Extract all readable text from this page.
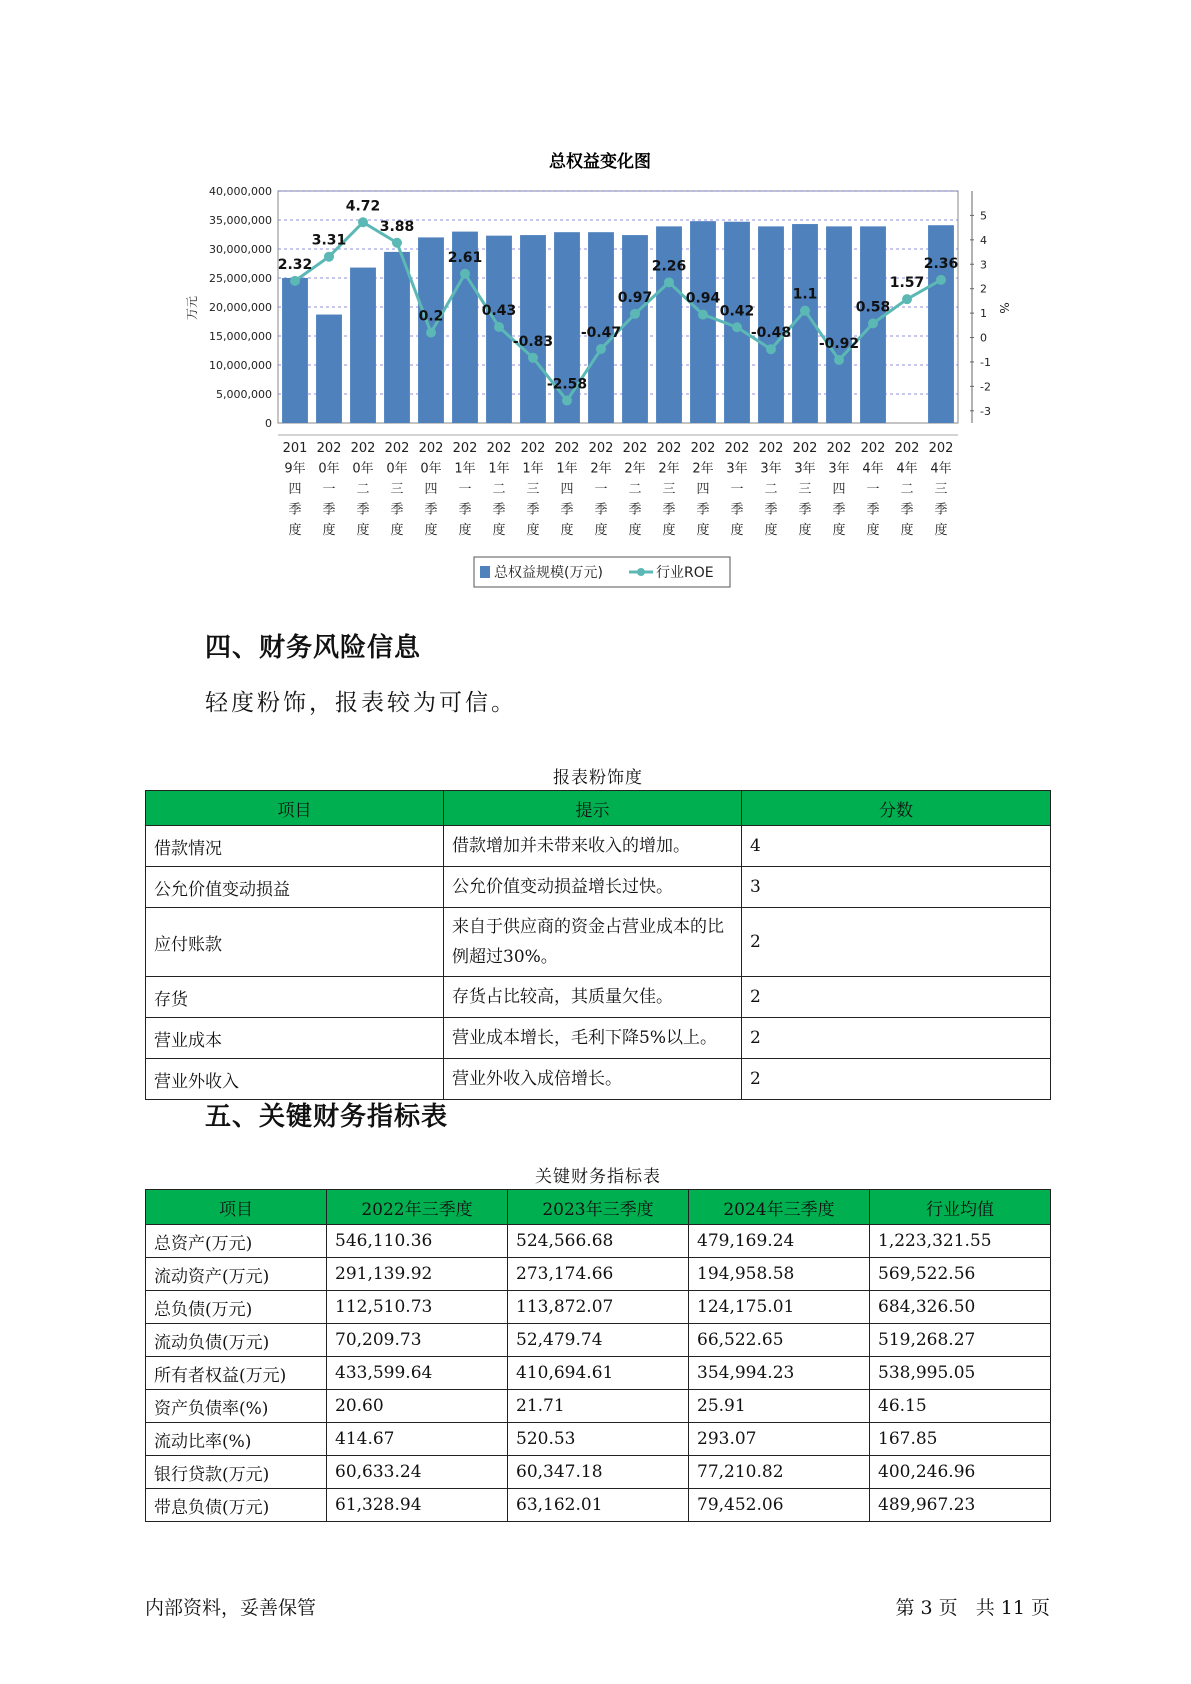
总权益变化图
2.32
3.31
4.72
3.88
0.2
2.61
0.43
-0.83
-2.58
-0.47
0.97
2.26
0.94
0.42
-0.48
1.1
-0.92
0.58
1.57
2.36
0
5,000,000
10,000,000
15,000,000
20,000,000
25,000,000
30,000,000
35,000,000
40,000,000
-3
-2
-1
0
1
2
3
4
5
万元	%
201
9年
四
季
度
202
0年
一
季
度
202
0年
二
季
度
202
0年
三
季
度
202
0年
四
季
度
202
1年
一
季
度
202
1年
二
季
度
202
1年
三
季
度
202
1年
四
季
度
202
2年
一
季
度
202
2年
二
季
度
202
2年
三
季
度
202
2年
四
季
度
202
3年
一
季
度
202
3年
二
季
度
202
3年
三
季
度
202
3年
四
季
度
202
4年
一
季
度
202
4年
二
季
度
202
4年
三
季
度
总权益规模(万元)	行业ROE
四、财务风险信息
轻度粉饰，报表较为可信。
报表粉饰度
项目	提示	分数
借款情况	借款增加并未带来收入的增加。	4
公允价值变动损益	公允价值变动损益增长过快。	3
应付账款	来自于供应商的资金占营业成本的比例超过30%。	2
存货	存货占比较高，其质量欠佳。	2
营业成本	营业成本增长，毛利下降5%以上。	2
营业外收入	营业外收入成倍增长。	2
五、关键财务指标表
关键财务指标表
项目	2022年三季度	2023年三季度	2024年三季度	行业均值
总资产(万元)	546,110.36	524,566.68	479,169.24	1,223,321.55
流动资产(万元)	291,139.92	273,174.66	194,958.58	569,522.56
总负债(万元)	112,510.73	113,872.07	124,175.01	684,326.50
流动负债(万元)	70,209.73	52,479.74	66,522.65	519,268.27
所有者权益(万元)	433,599.64	410,694.61	354,994.23	538,995.05
资产负债率(%)	20.60	21.71	25.91	46.15
流动比率(%)	414.67	520.53	293.07	167.85
银行贷款(万元)	60,633.24	60,347.18	77,210.82	400,246.96
带息负债(万元)	61,328.94	63,162.01	79,452.06	489,967.23
内部资料，妥善保管	第 3 页   共 11 页
